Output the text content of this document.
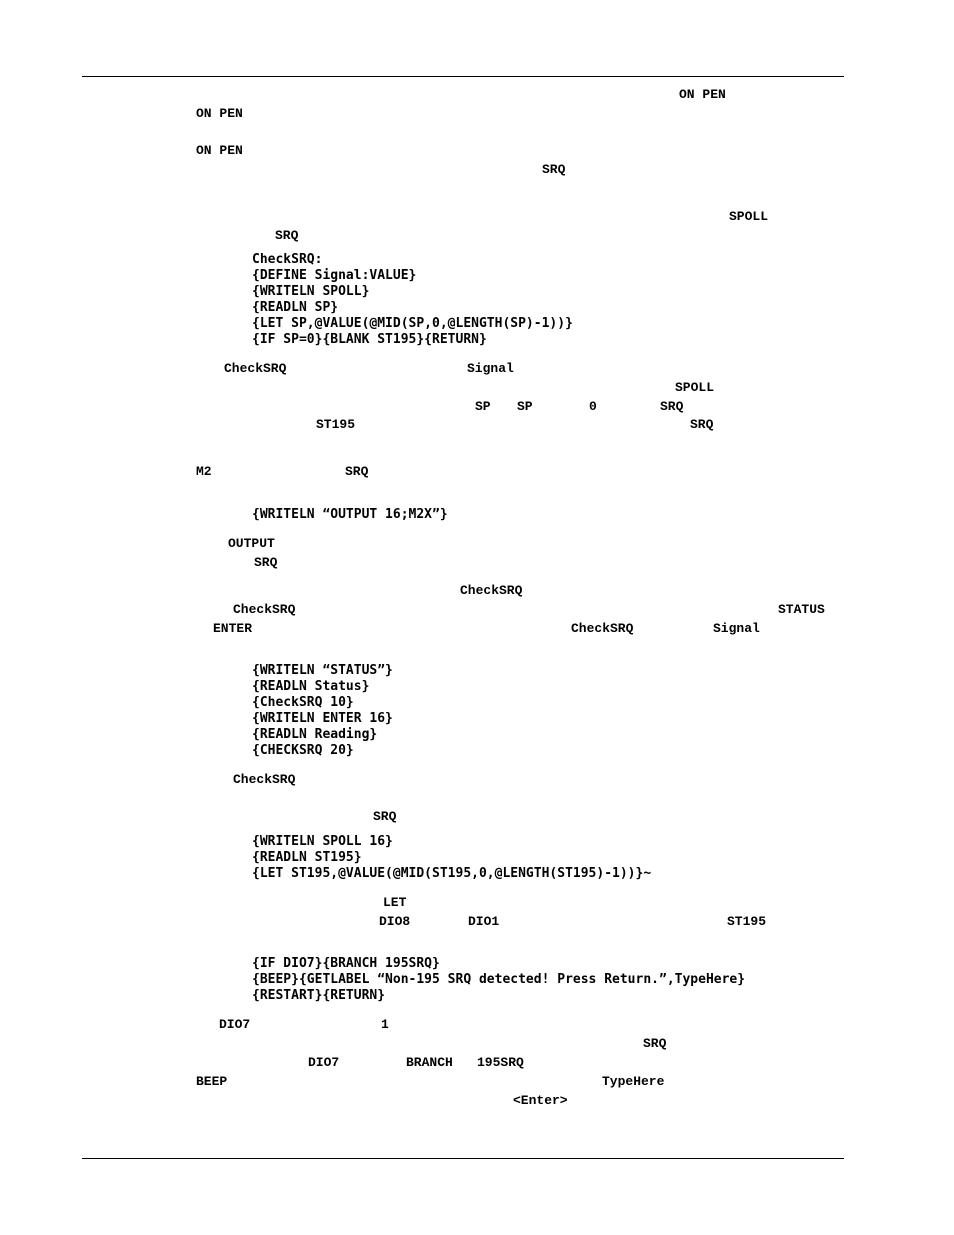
ON PEN
ON PEN
ON PEN
SRQ
SPOLL
SRQ
CheckSRQ:
{DEFINE Signal:VALUE}
{WRITELN SPOLL}
{READLN SP}
{LET SP,@VALUE(@MID(SP,0,@LENGTH(SP)-1))}
{IF SP=0}{BLANK ST195}{RETURN}
CheckSRQ	Signal
SPOLL
SP SP	0	SRQ
ST195	SRQ
M2	SRQ
{WRITELN “OUTPUT 16;M2X”}
OUTPUT
SRQ
CheckSRQ
CheckSRQ	STATUS
ENTER	CheckSRQ	Signal
{WRITELN “STATUS”}
{READLN Status}
{CheckSRQ 10}
{WRITELN ENTER 16}
{READLN Reading}
{CHECKSRQ 20}
CheckSRQ
SRQ
{WRITELN SPOLL 16}
{READLN ST195}
{LET ST195,@VALUE(@MID(ST195,0,@LENGTH(ST195)-1))}~
LET
DIO8	DIO1	ST195
{IF DIO7}{BRANCH 195SRQ}
{BEEP}{GETLABEL “Non-195 SRQ detected! Press Return.”,TypeHere}
{RESTART}{RETURN}
DIO7	1
SRQ
DIO7	BRANCH 195SRQ
BEEP	TypeHere
<Enter>
